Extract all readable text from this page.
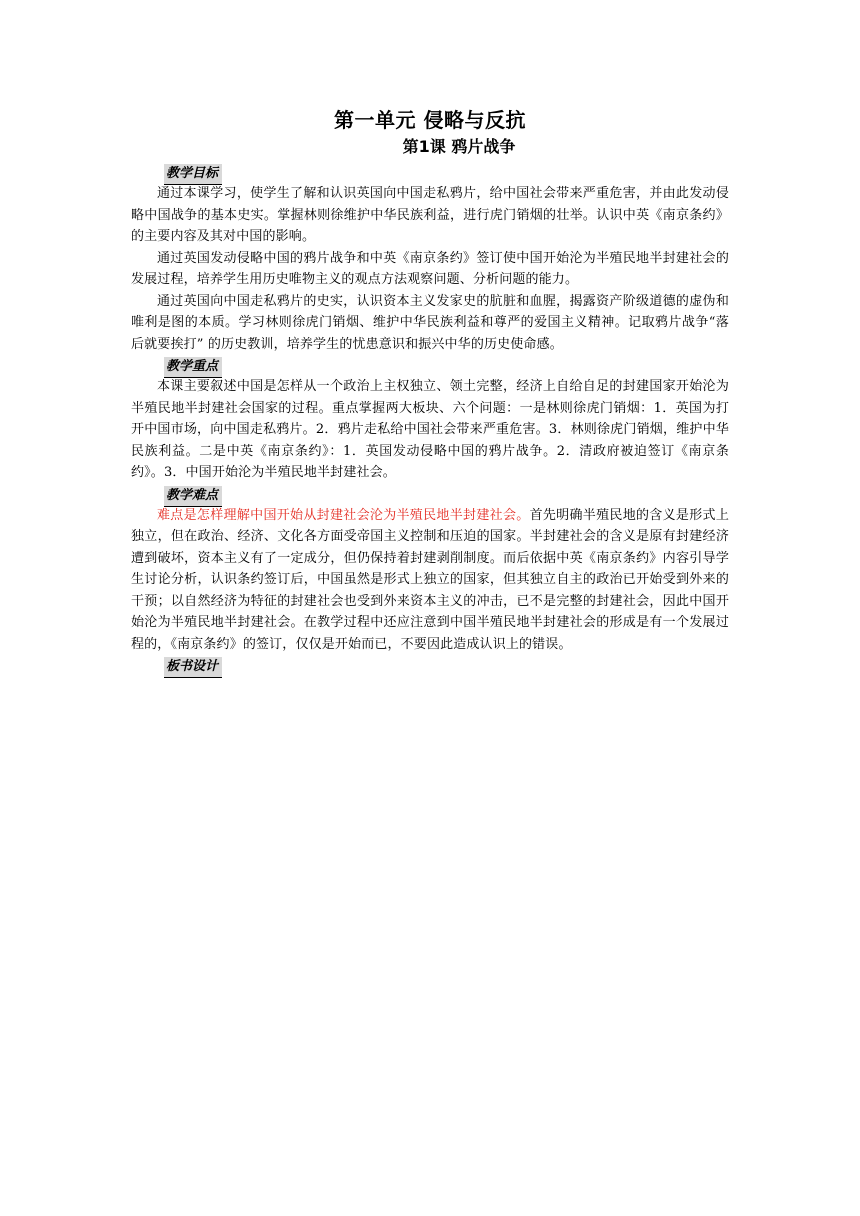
第一单元 侵略与反抗
第1课 鸦片战争
教学目标

通过本课学习，使学生了解和认识英国向中国走私鸦片，给中国社会带来严重危害，并由此发动侵略中国战争的基本史实。掌握林则徐维护中华民族利益，进行虎门销烟的壮举。认识中英《南京条约》的主要内容及其对中国的影响。

通过英国发动侵略中国的鸦片战争和中英《南京条约》签订使中国开始沦为半殖民地半封建社会的发展过程，培养学生用历史唯物主义的观点方法观察问题、分析问题的能力。

通过英国向中国走私鸦片的史实，认识资本主义发家史的肮脏和血腥，揭露资产阶级道德的虚伪和唯利是图的本质。学习林则徐虎门销烟、维护中华民族利益和尊严的爱国主义精神。记取鸦片战争“落后就要挨打” 的历史教训，培养学生的忧患意识和振兴中华的历史使命感。

教学重点

本课主要叙述中国是怎样从一个政治上主权独立、领土完整，经济上自给自足的封建国家开始沦为半殖民地半封建社会国家的过程。重点掌握两大板块、六个问题：一是林则徐虎门销烟：1．英国为打开中国市场，向中国走私鸦片。2．鸦片走私给中国社会带来严重危害。3．林则徐虎门销烟，维护中华民族利益。二是中英《南京条约》：1．英国发动侵略中国的鸦片战争。2．清政府被迫签订《南京条约》。3．中国开始沦为半殖民地半封建社会。

教学难点

难点是怎样理解中国开始从封建社会沦为半殖民地半封建社会。首先明确半殖民地的含义是形式上独立，但在政治、经济、文化各方面受帝国主义控制和压迫的国家。半封建社会的含义是原有封建经济遭到破坏，资本主义有了一定成分，但仍保持着封建剥削制度。而后依据中英《南京条约》内容引导学生讨论分析，认识条约签订后，中国虽然是形式上独立的国家，但其独立自主的政治已开始受到外来的干预；以自然经济为特征的封建社会也受到外来资本主义的冲击，已不是完整的封建社会，因此中国开始沦为半殖民地半封建社会。在教学过程中还应注意到中国半殖民地半封建社会的形成是有一个发展过程的，《南京条约》的签订，仅仅是开始而已，不要因此造成认识上的错误。

板书设计
